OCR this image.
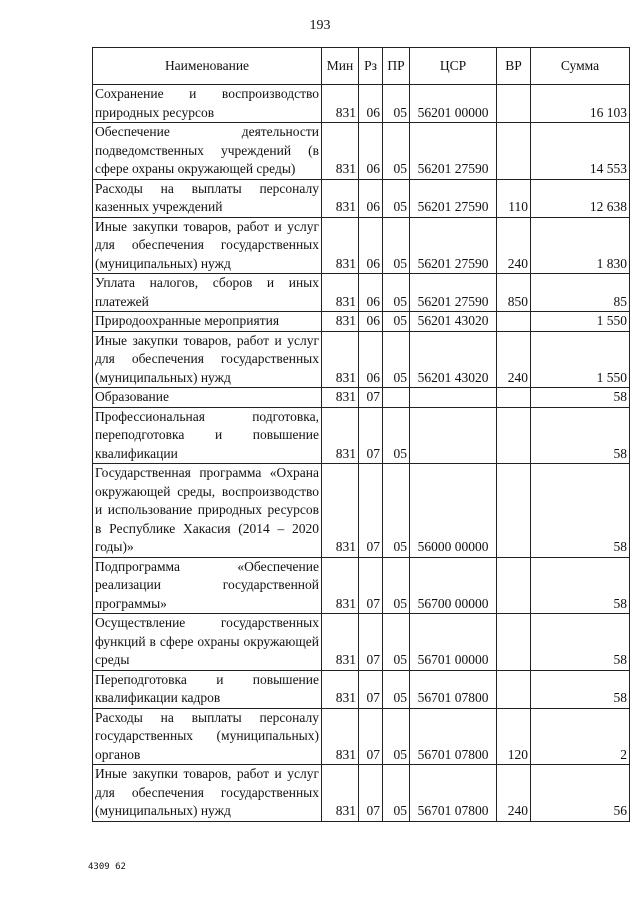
193
Наименование	Мин	Рз	ПР	ЦСР	ВР	Сумма
Сохранение и воспроизводство природных ресурсов	831	06	05	56201 00000		16 103
Обеспечение деятельности подведомственных учреждений (в сфере охраны окружающей среды)	831	06	05	56201 27590		14 553
Расходы на выплаты персоналу казенных учреждений	831	06	05	56201 27590	110	12 638
Иные закупки товаров, работ и услуг для обеспечения государственных (муниципальных) нужд	831	06	05	56201 27590	240	1 830
Уплата налогов, сборов и иных платежей	831	06	05	56201 27590	850	85
Природоохранные мероприятия	831	06	05	56201 43020		1 550
Иные закупки товаров, работ и услуг для обеспечения государственных (муниципальных) нужд	831	06	05	56201 43020	240	1 550
Образование	831	07				58
Профессиональная подготовка, переподготовка и повышение квалификации	831	07	05			58
Государственная программа «Охрана окружающей среды, воспроизводство и использование природных ресурсов в Республике Хакасия (2014 – 2020 годы)»	831	07	05	56000 00000		58
Подпрограмма «Обеспечение реализации государственной программы»	831	07	05	56700 00000		58
Осуществление государственных функций в сфере охраны окружающей среды	831	07	05	56701 00000		58
Переподготовка и повышение квалификации кадров	831	07	05	56701 07800		58
Расходы на выплаты персоналу государственных (муниципальных) органов	831	07	05	56701 07800	120	2
Иные закупки товаров, работ и услуг для обеспечения государственных (муниципальных) нужд	831	07	05	56701 07800	240	56
4309 62
